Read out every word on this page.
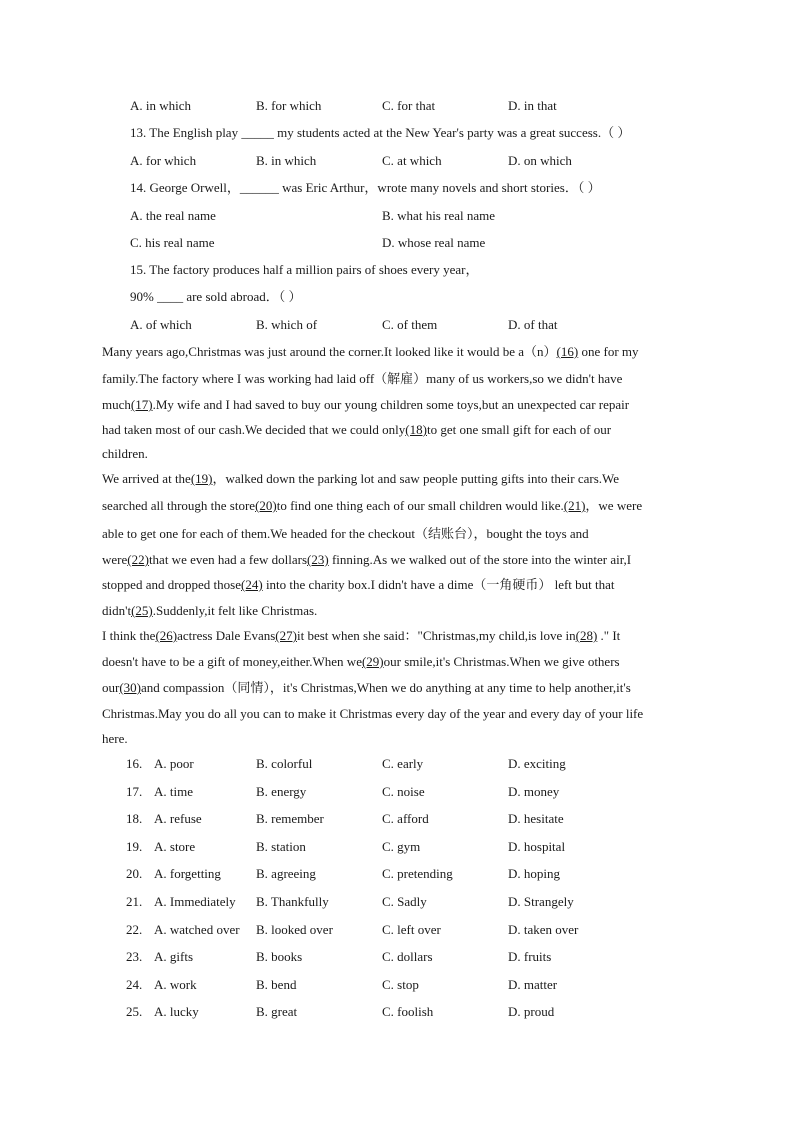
A. in which	B. for which	C. for that	D. in that
13. The English play _____ my students acted at the New Year's party was a great success.（ ）
A. for which	B. in which	C. at which	D. on which
14. George Orwell，______ was Eric Arthur，wrote many novels and short stories．（ ）
A. the real name	B. what his real name
C. his real name	D. whose real name
15. The factory produces half a million pairs of shoes every year，
90% ____ are sold abroad．（ ）
A. of which	B. which of	C. of them	D. of that
Many years ago,Christmas was just around the corner.It looked like it would be a（n）(16) one for my
family.The factory where I was working had laid off（解雇）many of us workers,so we didn't have
much(17).My wife and I had saved to buy our young children some toys,but an unexpected car repair
had taken most of our cash.We decided that we could only(18)to get one small gift for each of our
children.
We arrived at the(19)，walked down the parking lot and saw people putting gifts into their cars.We
searched all through the store(20)to find one thing each of our small children would like.(21)，we were
able to get one for each of them.We headed for the checkout（结账台），bought the toys and
were(22)that we even had a few dollars(23) finning.As we walked out of the store into the winter air,I
stopped and dropped those(24) into the charity box.I didn't have a dime（一角硬币） left but that
didn't(25).Suddenly,it felt like Christmas.
I think the(26)actress Dale Evans(27)it best when she said："Christmas,my child,is love in(28) ." It
doesn't have to be a gift of money,either.When we(29)our smile,it's Christmas.When we give others
our(30)and compassion（同情），it's Christmas,When we do anything at any time to help another,it's
Christmas.May you do all you can to make it Christmas every day of the year and every day of your life
here.
16. A. poor	B. colorful	C. early	D. exciting
17. A. time	B. energy	C. noise	D. money
18. A. refuse	B. remember	C. afford	D. hesitate
19. A. store	B. station	C. gym	D. hospital
20. A. forgetting	B. agreeing	C. pretending	D. hoping
21. A. Immediately B. Thankfully	C. Sadly	D. Strangely
22. A. watched over B. looked over	C. left over	D. taken over
23. A. gifts	B. books	C. dollars	D. fruits
24. A. work	B. bend	C. stop	D. matter
25. A. lucky	B. great	C. foolish	D. proud
